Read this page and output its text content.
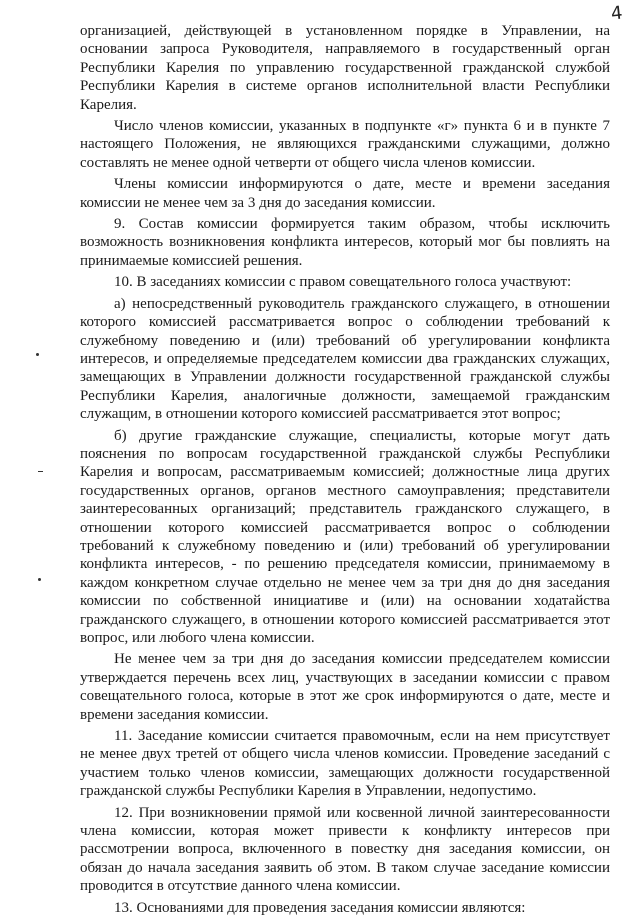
4

организацией, действующей в установленном порядке в Управлении, на основании запроса Руководителя, направляемого в государственный орган Республики Карелия по управлению государственной гражданской службой Республики Карелия в системе органов исполнительной власти Республики Карелия.

Число членов комиссии, указанных в подпункте «г» пункта 6 и в пункте 7 настоящего Положения, не являющихся гражданскими служащими, должно составлять не менее одной четверти от общего числа членов комиссии.

Члены комиссии информируются о дате, месте и времени заседания комиссии не менее чем за 3 дня до заседания комиссии.

9. Состав комиссии формируется таким образом, чтобы исключить возможность возникновения конфликта интересов, который мог бы повлиять на принимаемые комиссией решения.

10. В заседаниях комиссии с правом совещательного голоса участвуют:

а) непосредственный руководитель гражданского служащего, в отношении которого комиссией рассматривается вопрос о соблюдении требований к служебному поведению и (или) требований об урегулировании конфликта интересов, и определяемые председателем комиссии два гражданских служащих, замещающих в Управлении должности государственной гражданской службы Республики Карелия, аналогичные должности, замещаемой гражданским служащим, в отношении которого комиссией рассматривается этот вопрос;

б) другие гражданские служащие, специалисты, которые могут дать пояснения по вопросам государственной гражданской службы Республики Карелия и вопросам, рассматриваемым комиссией; должностные лица других государственных органов, органов местного самоуправления; представители заинтересованных организаций; представитель гражданского служащего, в отношении которого комиссией рассматривается вопрос о соблюдении требований к служебному поведению и (или) требований об урегулировании конфликта интересов, - по решению председателя комиссии, принимаемому в каждом конкретном случае отдельно не менее чем за три дня до дня заседания комиссии по собственной инициативе и (или) на основании ходатайства гражданского служащего, в отношении которого комиссией рассматривается этот вопрос, или любого члена комиссии.

Не менее чем за три дня до заседания комиссии председателем комиссии утверждается перечень всех лиц, участвующих в заседании комиссии с правом совещательного голоса, которые в этот же срок информируются о дате, месте и времени заседания комиссии.

11. Заседание комиссии считается правомочным, если на нем присутствует не менее двух третей от общего числа членов комиссии. Проведение заседаний с участием только членов комиссии, замещающих должности государственной гражданской службы Республики Карелия в Управлении, недопустимо.

12. При возникновении прямой или косвенной личной заинтересованности члена комиссии, которая может привести к конфликту интересов при рассмотрении вопроса, включенного в повестку дня заседания комиссии, он обязан до начала заседания заявить об этом. В таком случае заседание комиссии проводится в отсутствие данного члена комиссии.

13. Основаниями для проведения заседания комиссии являются:
